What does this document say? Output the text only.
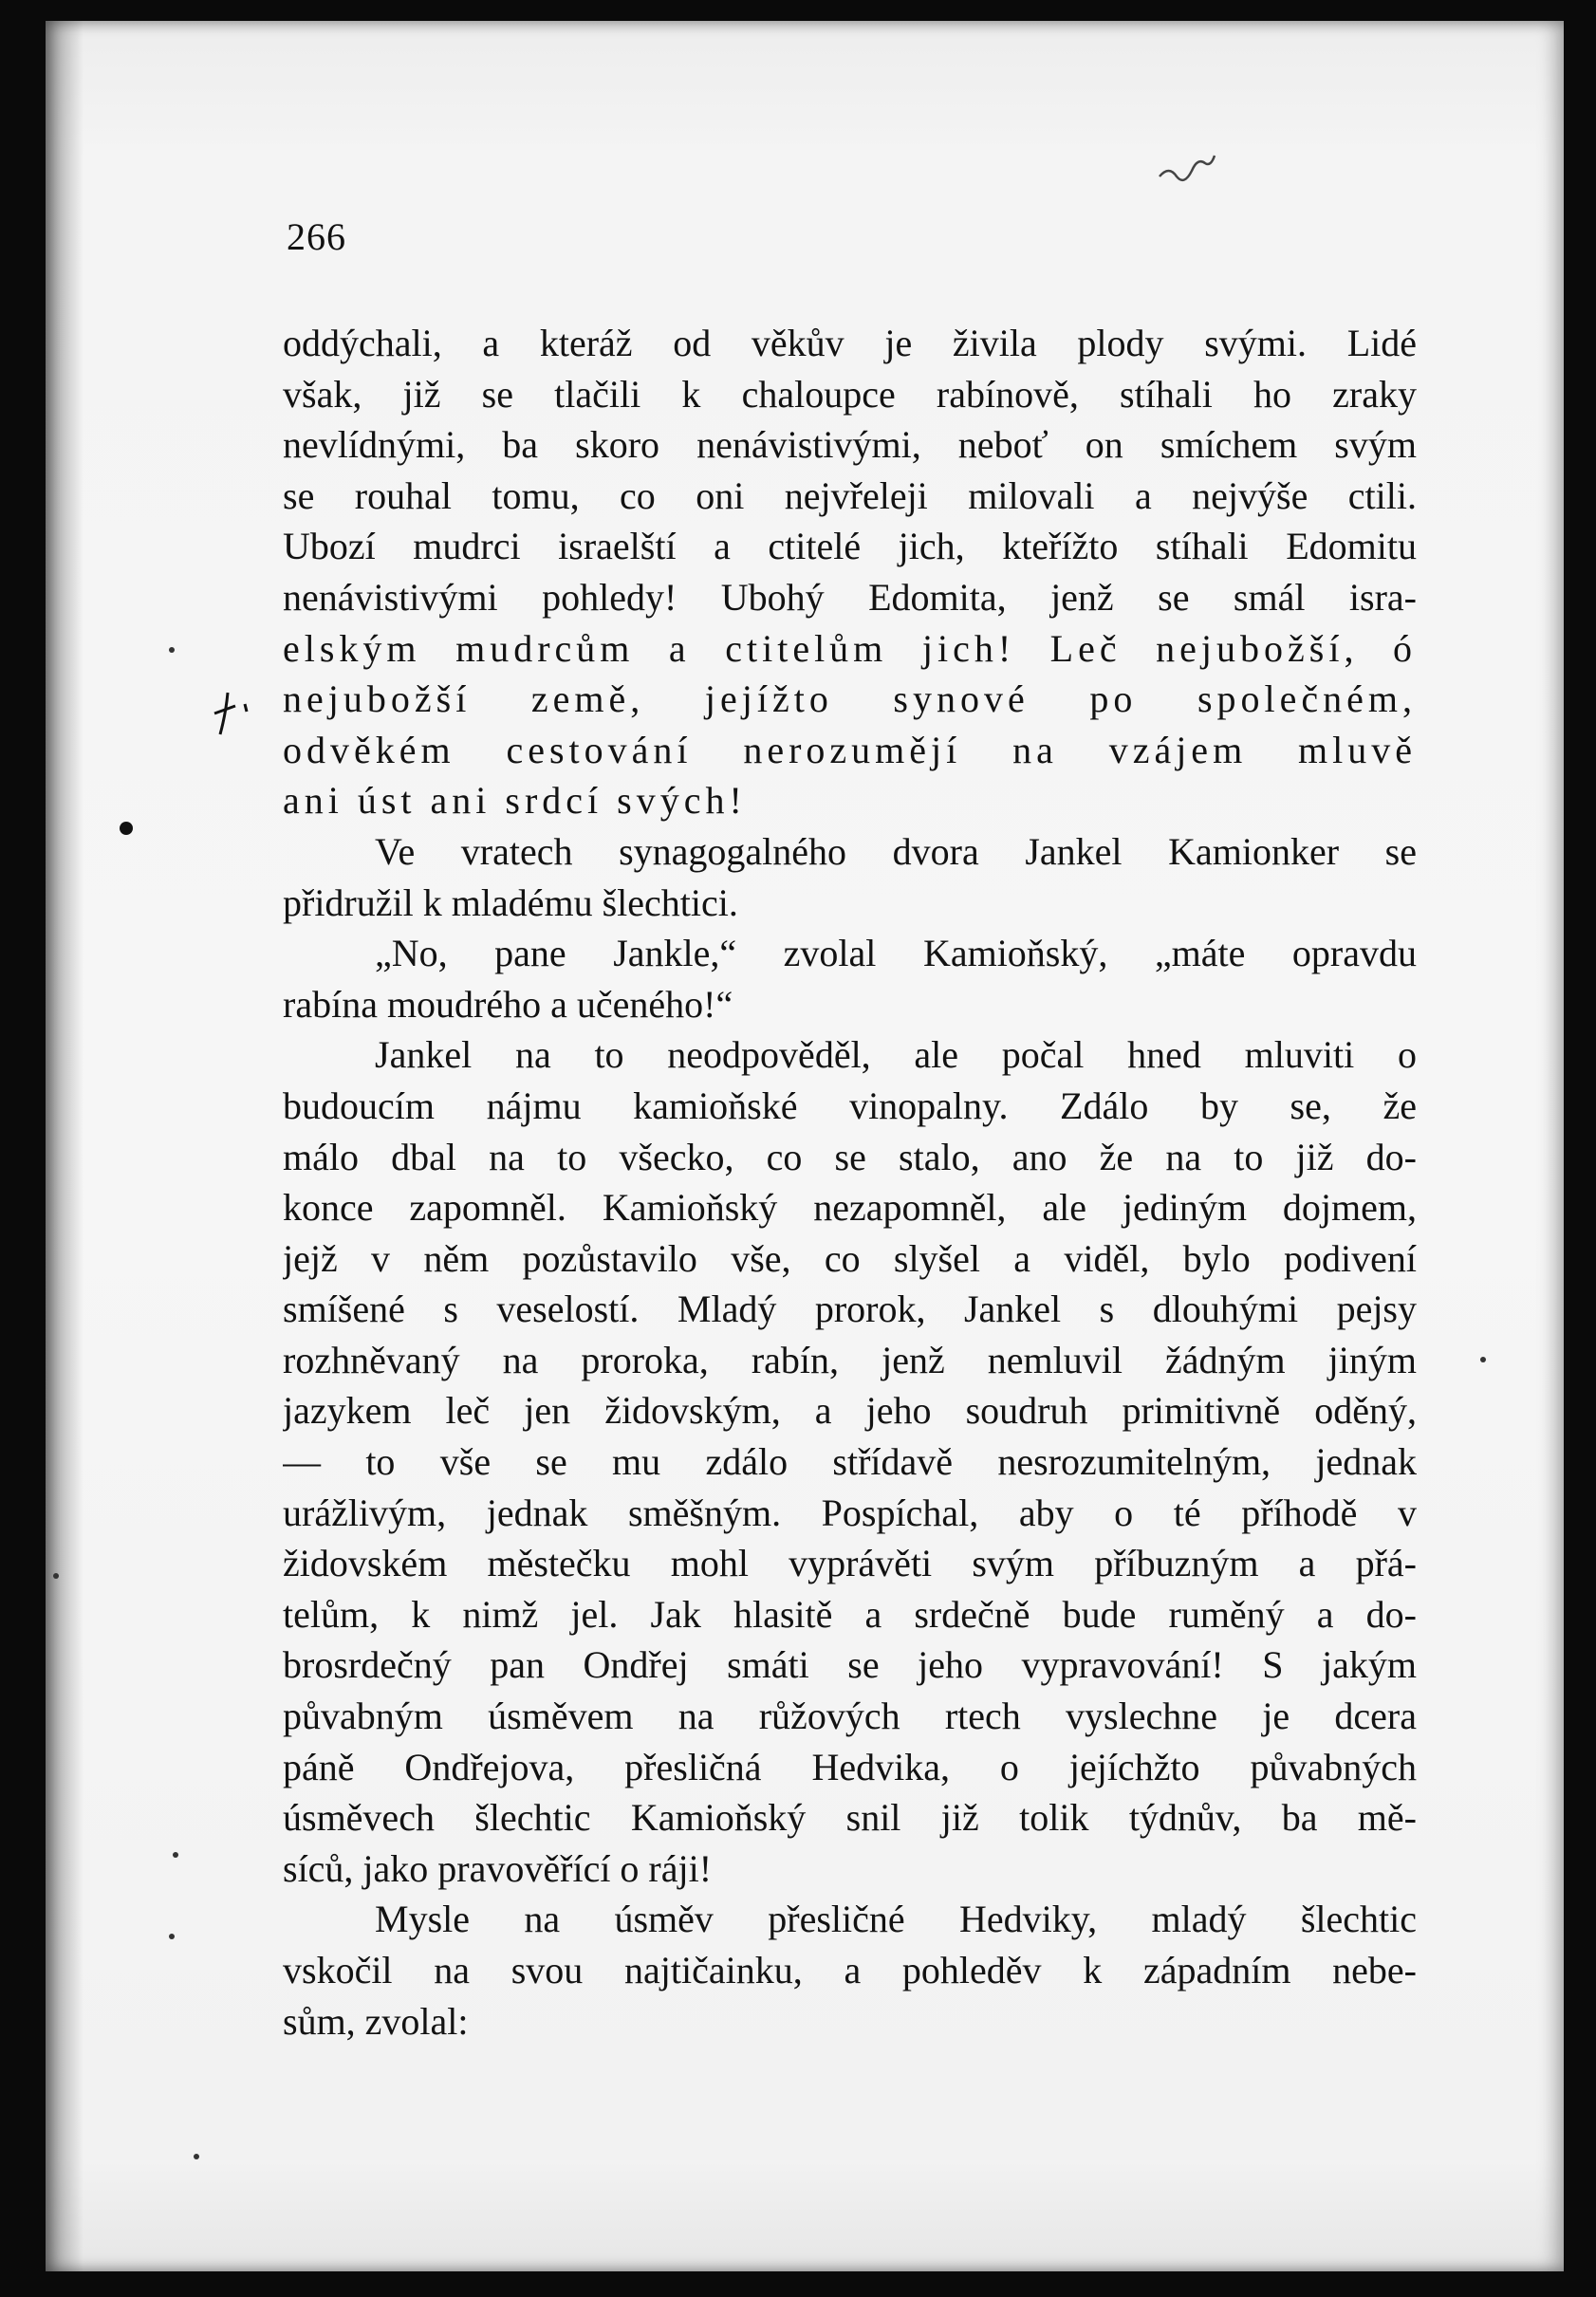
266
oddýchali, a kteráž od věkův je živila plody svými. Lidé
však, již se tlačili k chaloupce rabínově, stíhali ho zraky
nevlídnými, ba skoro nenávistivými, neboť on smíchem svým
se rouhal tomu, co oni nejvřeleji milovali a nejvýše ctili.
Ubozí mudrci israelští a ctitelé jich, kteřížto stíhali Edomitu
nenávistivými pohledy! Ubohý Edomita, jenž se smál isra-
elským mudrcům a ctitelům jich! Leč nejubožší, ó
nejubožší země, jejížto synové po společném,
odvěkém cestování nerozumějí na vzájem mluvě
ani úst ani srdcí svých!
Ve vratech synagogalného dvora Jankel Kamionker se
přidružil k mladému šlechtici.
„No, pane Jankle,“ zvolal Kamioňský, „máte opravdu
rabína moudrého a učeného!“
Jankel na to neodpověděl, ale počal hned mluviti o
budoucím nájmu kamioňské vinopalny. Zdálo by se, že
málo dbal na to všecko, co se stalo, ano že na to již do-
konce zapomněl. Kamioňský nezapomněl, ale jediným dojmem,
jejž v něm pozůstavilo vše, co slyšel a viděl, bylo podivení
smíšené s veselostí. Mladý prorok, Jankel s dlouhými pejsy
rozhněvaný na proroka, rabín, jenž nemluvil žádným jiným
jazykem leč jen židovským, a jeho soudruh primitivně oděný,
— to vše se mu zdálo střídavě nesrozumitelným, jednak
urážlivým, jednak směšným. Pospíchal, aby o té příhodě v
židovském městečku mohl vyprávěti svým příbuzným a přá-
telům, k nimž jel. Jak hlasitě a srdečně bude ruměný a do-
brosrdečný pan Ondřej smáti se jeho vypravování! S jakým
půvabným úsměvem na růžových rtech vyslechne je dcera
páně Ondřejova, přesličná Hedvika, o jejíchžto půvabných
úsměvech šlechtic Kamioňský snil již tolik týdnův, ba mě-
síců, jako pravověřící o ráji!
Mysle na úsměv přesličné Hedviky, mladý šlechtic
vskočil na svou najtičainku, a pohleděv k západním nebe-
sům, zvolal:
